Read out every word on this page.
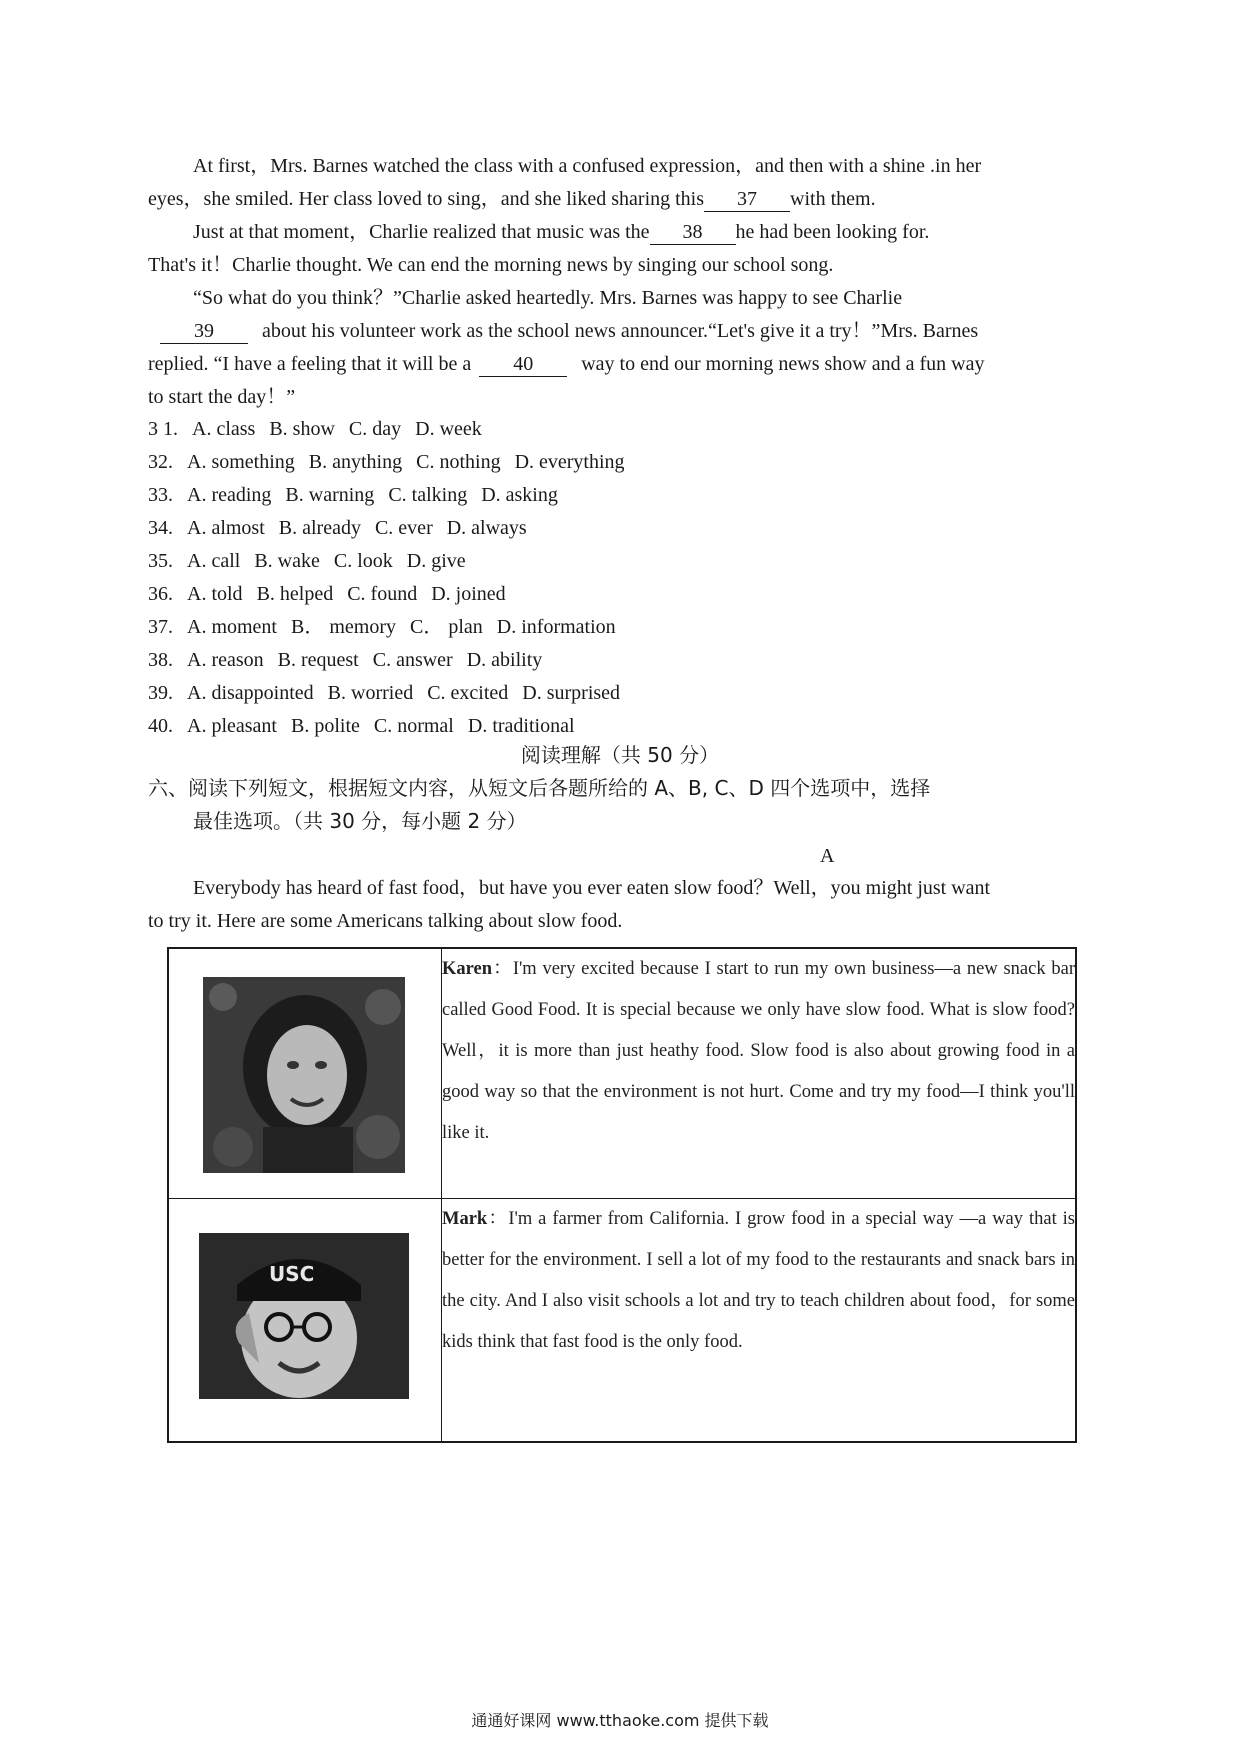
At first，Mrs. Barnes watched the class with a confused expression，and then with a shine .in her
eyes，she smiled. Her class loved to sing，and she liked sharing this 37 with them.
Just at that moment，Charlie realized that music was the 38 he had been looking for.
That's it！Charlie thought. We can end the morning news by singing our school song.
“So what do you think？”Charlie asked heartedly. Mrs. Barnes was happy to see Charlie
39 about his volunteer work as the school news announcer.“Let's give it a try！”Mrs. Barnes
replied. “I have a feeling that it will be a 40 way to end our morning news show and a fun way
to start the day！”
3 1. A. class B. show C. day D. week
32. A. something B. anything C. nothing D. everything
33. A. reading B. warning C. talking D. asking
34. A. almost B. already C. ever D. always
35. A. call B. wake C. look D. give
36. A. told B. helped C. found D. joined
37. A. moment B． memory C． plan D. information
38. A. reason B. request C. answer D. ability
39. A. disappointed B. worried C. excited D. surprised
40. A. pleasant B. polite C. normal D. traditional
阅读理解（共 50 分）
六、阅读下列短文，根据短文内容，从短文后各题所给的 A、B, C、D 四个选项中，选择
最佳选项。（共 30 分，每小题 2 分）
A
Everybody has heard of fast food，but have you ever eaten slow food？Well，you might just want
to try it. Here are some Americans talking about slow food.
	Karen：I'm very excited because I start to run my own business—a new snack bar called Good Food. It is special because we only have slow food. What is slow food? Well，it is more than just heathy food. Slow food is also about growing food in a good way so that the environment is not hurt. Come and try my food—I think you'll like it.

USC	Mark：I'm a farmer from California. I grow food in a special way —a way that is better for the environment. I sell a lot of my food to the restaurants and snack bars in the city. And I also visit schools a lot and try to teach children about food，for some kids think that fast food is the only food.
通通好课网 www.tthaoke.com 提供下载
